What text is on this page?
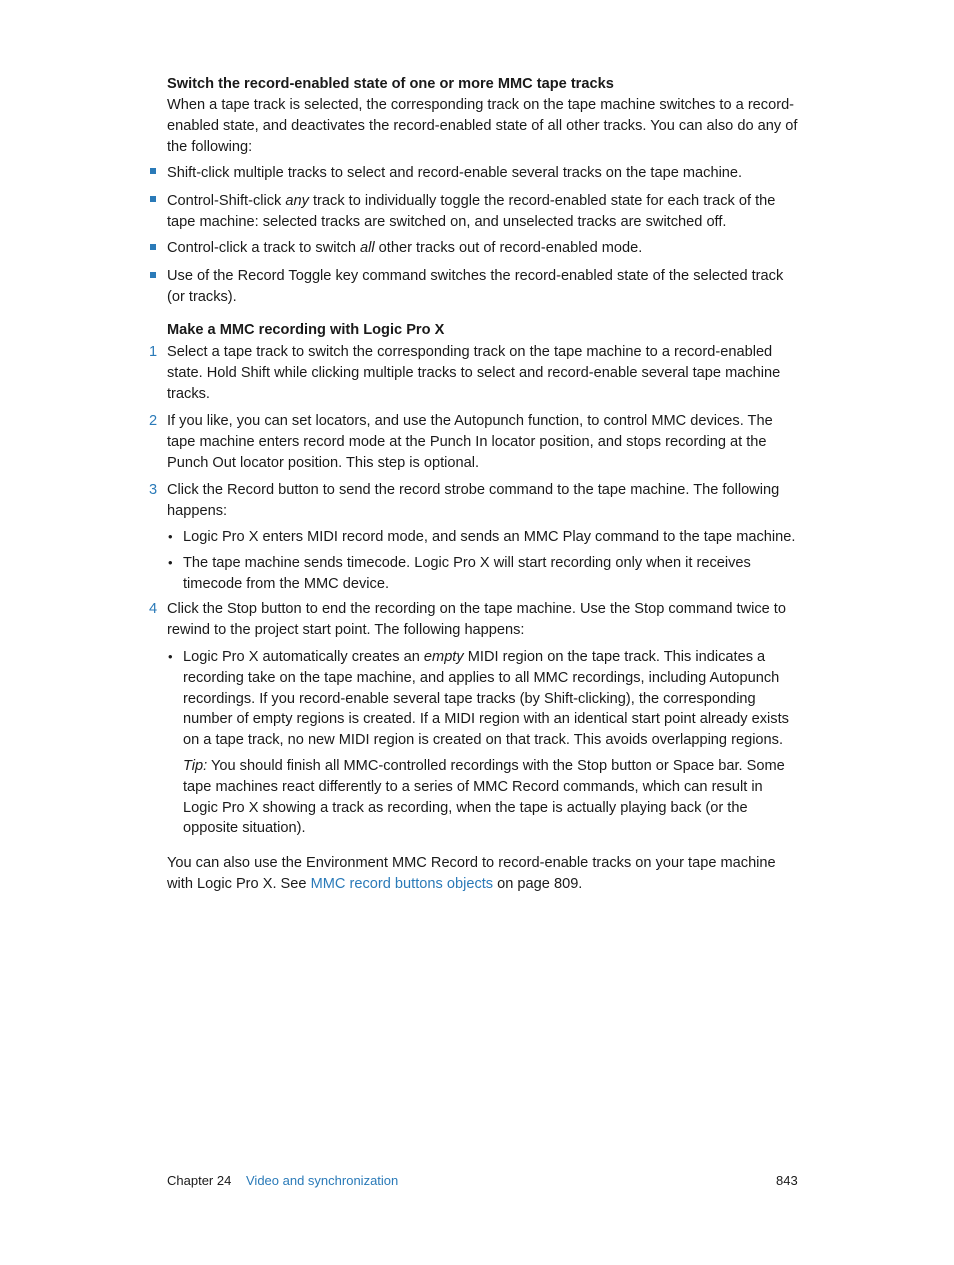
Switch the record-enabled state of one or more MMC tape tracks
When a tape track is selected, the corresponding track on the tape machine switches to a record-enabled state, and deactivates the record-enabled state of all other tracks. You can also do any of the following:
Shift-click multiple tracks to select and record-enable several tracks on the tape machine.
Control-Shift-click any track to individually toggle the record-enabled state for each track of the tape machine: selected tracks are switched on, and unselected tracks are switched off.
Control-click a track to switch all other tracks out of record-enabled mode.
Use of the Record Toggle key command switches the record-enabled state of the selected track (or tracks).
Make a MMC recording with Logic Pro X
1 Select a tape track to switch the corresponding track on the tape machine to a record-enabled state. Hold Shift while clicking multiple tracks to select and record-enable several tape machine tracks.
2 If you like, you can set locators, and use the Autopunch function, to control MMC devices. The tape machine enters record mode at the Punch In locator position, and stops recording at the Punch Out locator position. This step is optional.
3 Click the Record button to send the record strobe command to the tape machine. The following happens:
• Logic Pro X enters MIDI record mode, and sends an MMC Play command to the tape machine.
• The tape machine sends timecode. Logic Pro X will start recording only when it receives timecode from the MMC device.
4 Click the Stop button to end the recording on the tape machine. Use the Stop command twice to rewind to the project start point. The following happens:
• Logic Pro X automatically creates an empty MIDI region on the tape track. This indicates a recording take on the tape machine, and applies to all MMC recordings, including Autopunch recordings. If you record-enable several tape tracks (by Shift-clicking), the corresponding number of empty regions is created. If a MIDI region with an identical start point already exists on a tape track, no new MIDI region is created on that track. This avoids overlapping regions.
Tip: You should finish all MMC-controlled recordings with the Stop button or Space bar. Some tape machines react differently to a series of MMC Record commands, which can result in Logic Pro X showing a track as recording, when the tape is actually playing back (or the opposite situation).
You can also use the Environment MMC Record to record-enable tracks on your tape machine with Logic Pro X. See MMC record buttons objects on page 809.
Chapter 24 Video and synchronization	843
